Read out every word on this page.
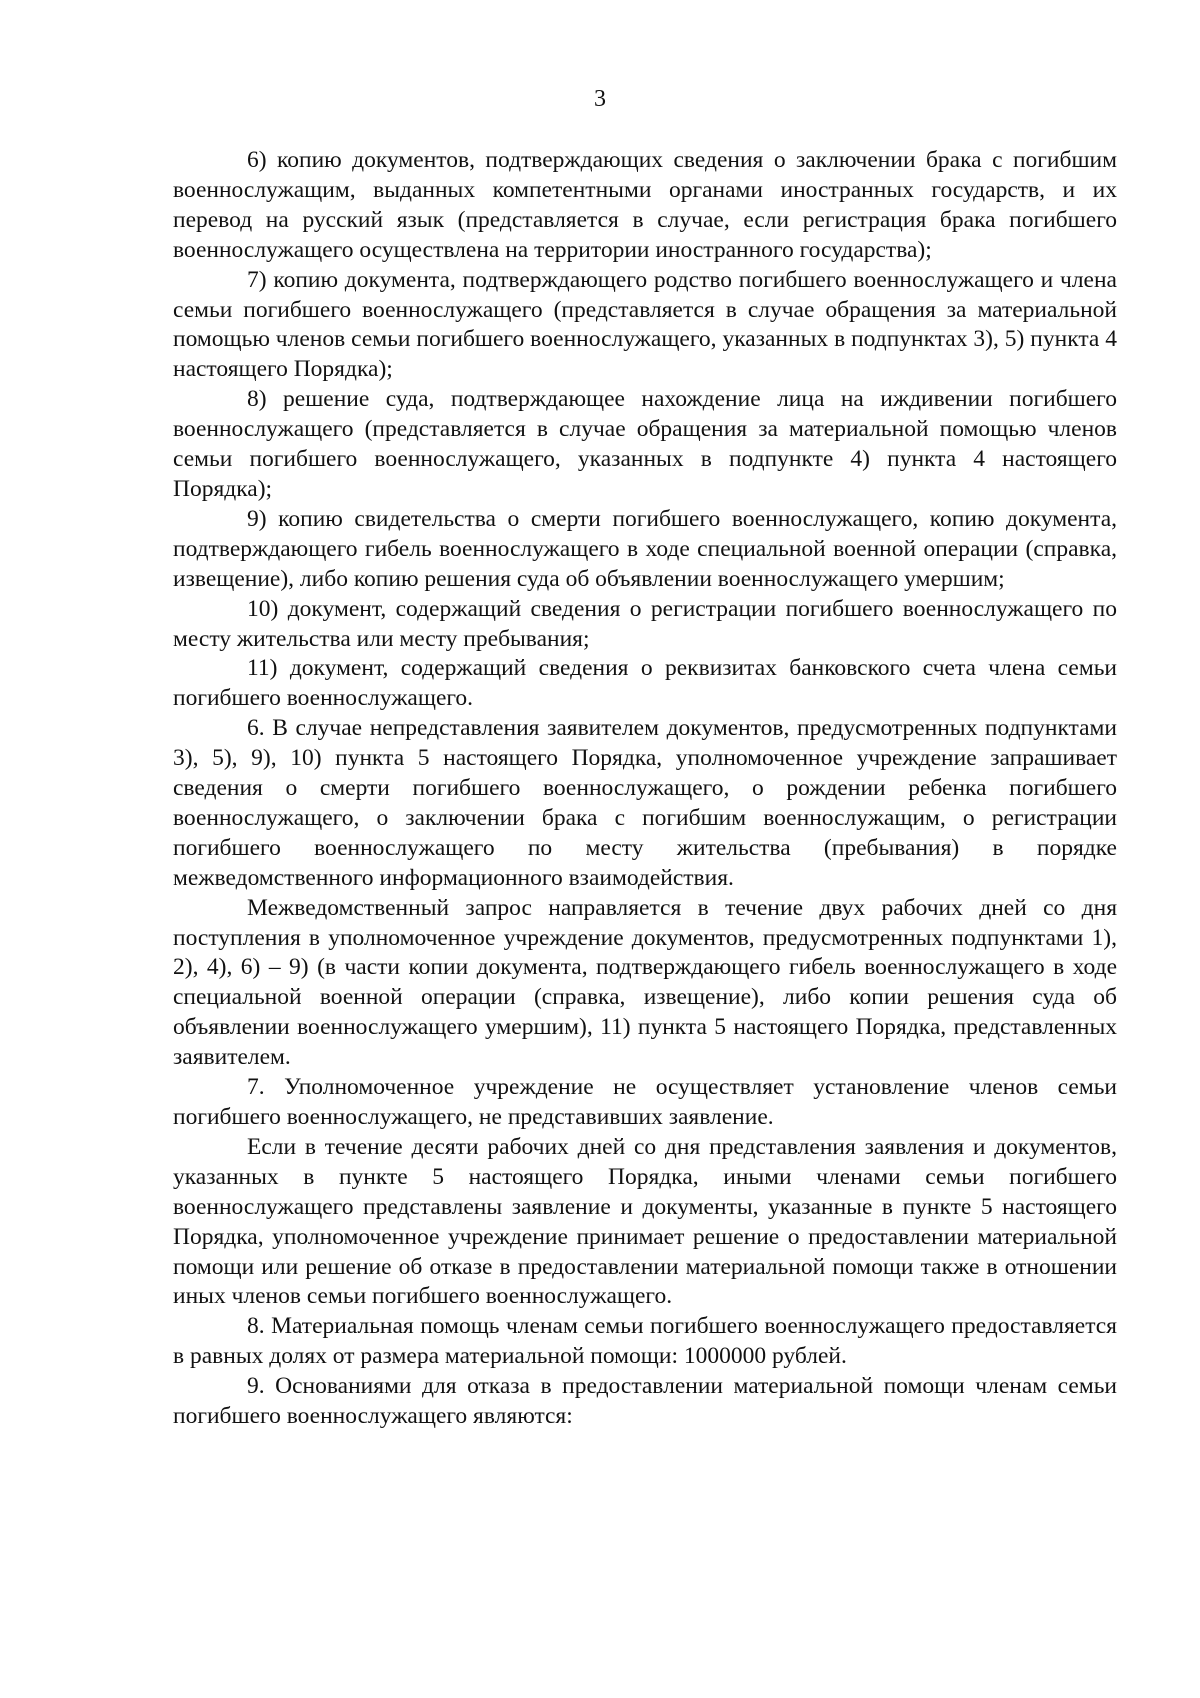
3

6) копию документов, подтверждающих сведения о заключении брака с погибшим военнослужащим, выданных компетентными органами иностранных государств, и их перевод на русский язык (представляется в случае, если регистрация брака погибшего военнослужащего осуществлена на территории иностранного государства);

7) копию документа, подтверждающего родство погибшего военнослужащего и члена семьи погибшего военнослужащего (представляется в случае обращения за материальной помощью членов семьи погибшего военнослужащего, указанных в подпунктах 3), 5) пункта 4 настоящего Порядка);

8) решение суда, подтверждающее нахождение лица на иждивении погибшего военнослужащего (представляется в случае обращения за материальной помощью членов семьи погибшего военнослужащего, указанных в подпункте 4) пункта 4 настоящего Порядка);

9) копию свидетельства о смерти погибшего военнослужащего, копию документа, подтверждающего гибель военнослужащего в ходе специальной военной операции (справка, извещение), либо копию решения суда об объявлении военнослужащего умершим;

10) документ, содержащий сведения о регистрации погибшего военнослужащего по месту жительства или месту пребывания;

11) документ, содержащий сведения о реквизитах банковского счета члена семьи погибшего военнослужащего.

6. В случае непредставления заявителем документов, предусмотренных подпунктами 3), 5), 9), 10) пункта 5 настоящего Порядка, уполномоченное учреждение запрашивает сведения о смерти погибшего военнослужащего, о рождении ребенка погибшего военнослужащего, о заключении брака с погибшим военнослужащим, о регистрации погибшего военнослужащего по месту жительства (пребывания) в порядке межведомственного информационного взаимодействия.

Межведомственный запрос направляется в течение двух рабочих дней со дня поступления в уполномоченное учреждение документов, предусмотренных подпунктами 1), 2), 4), 6) – 9) (в части копии документа, подтверждающего гибель военнослужащего в ходе специальной военной операции (справка, извещение), либо копии решения суда об объявлении военнослужащего умершим), 11) пункта 5 настоящего Порядка, представленных заявителем.

7. Уполномоченное учреждение не осуществляет установление членов семьи погибшего военнослужащего, не представивших заявление.

Если в течение десяти рабочих дней со дня представления заявления и документов, указанных в пункте 5 настоящего Порядка, иными членами семьи погибшего военнослужащего представлены заявление и документы, указанные в пункте 5 настоящего Порядка, уполномоченное учреждение принимает решение о предоставлении материальной помощи или решение об отказе в предоставлении материальной помощи также в отношении иных членов семьи погибшего военнослужащего.

8. Материальная помощь членам семьи погибшего военнослужащего предоставляется в равных долях от размера материальной помощи: 1000000 рублей.

9. Основаниями для отказа в предоставлении материальной помощи членам семьи погибшего военнослужащего являются:
